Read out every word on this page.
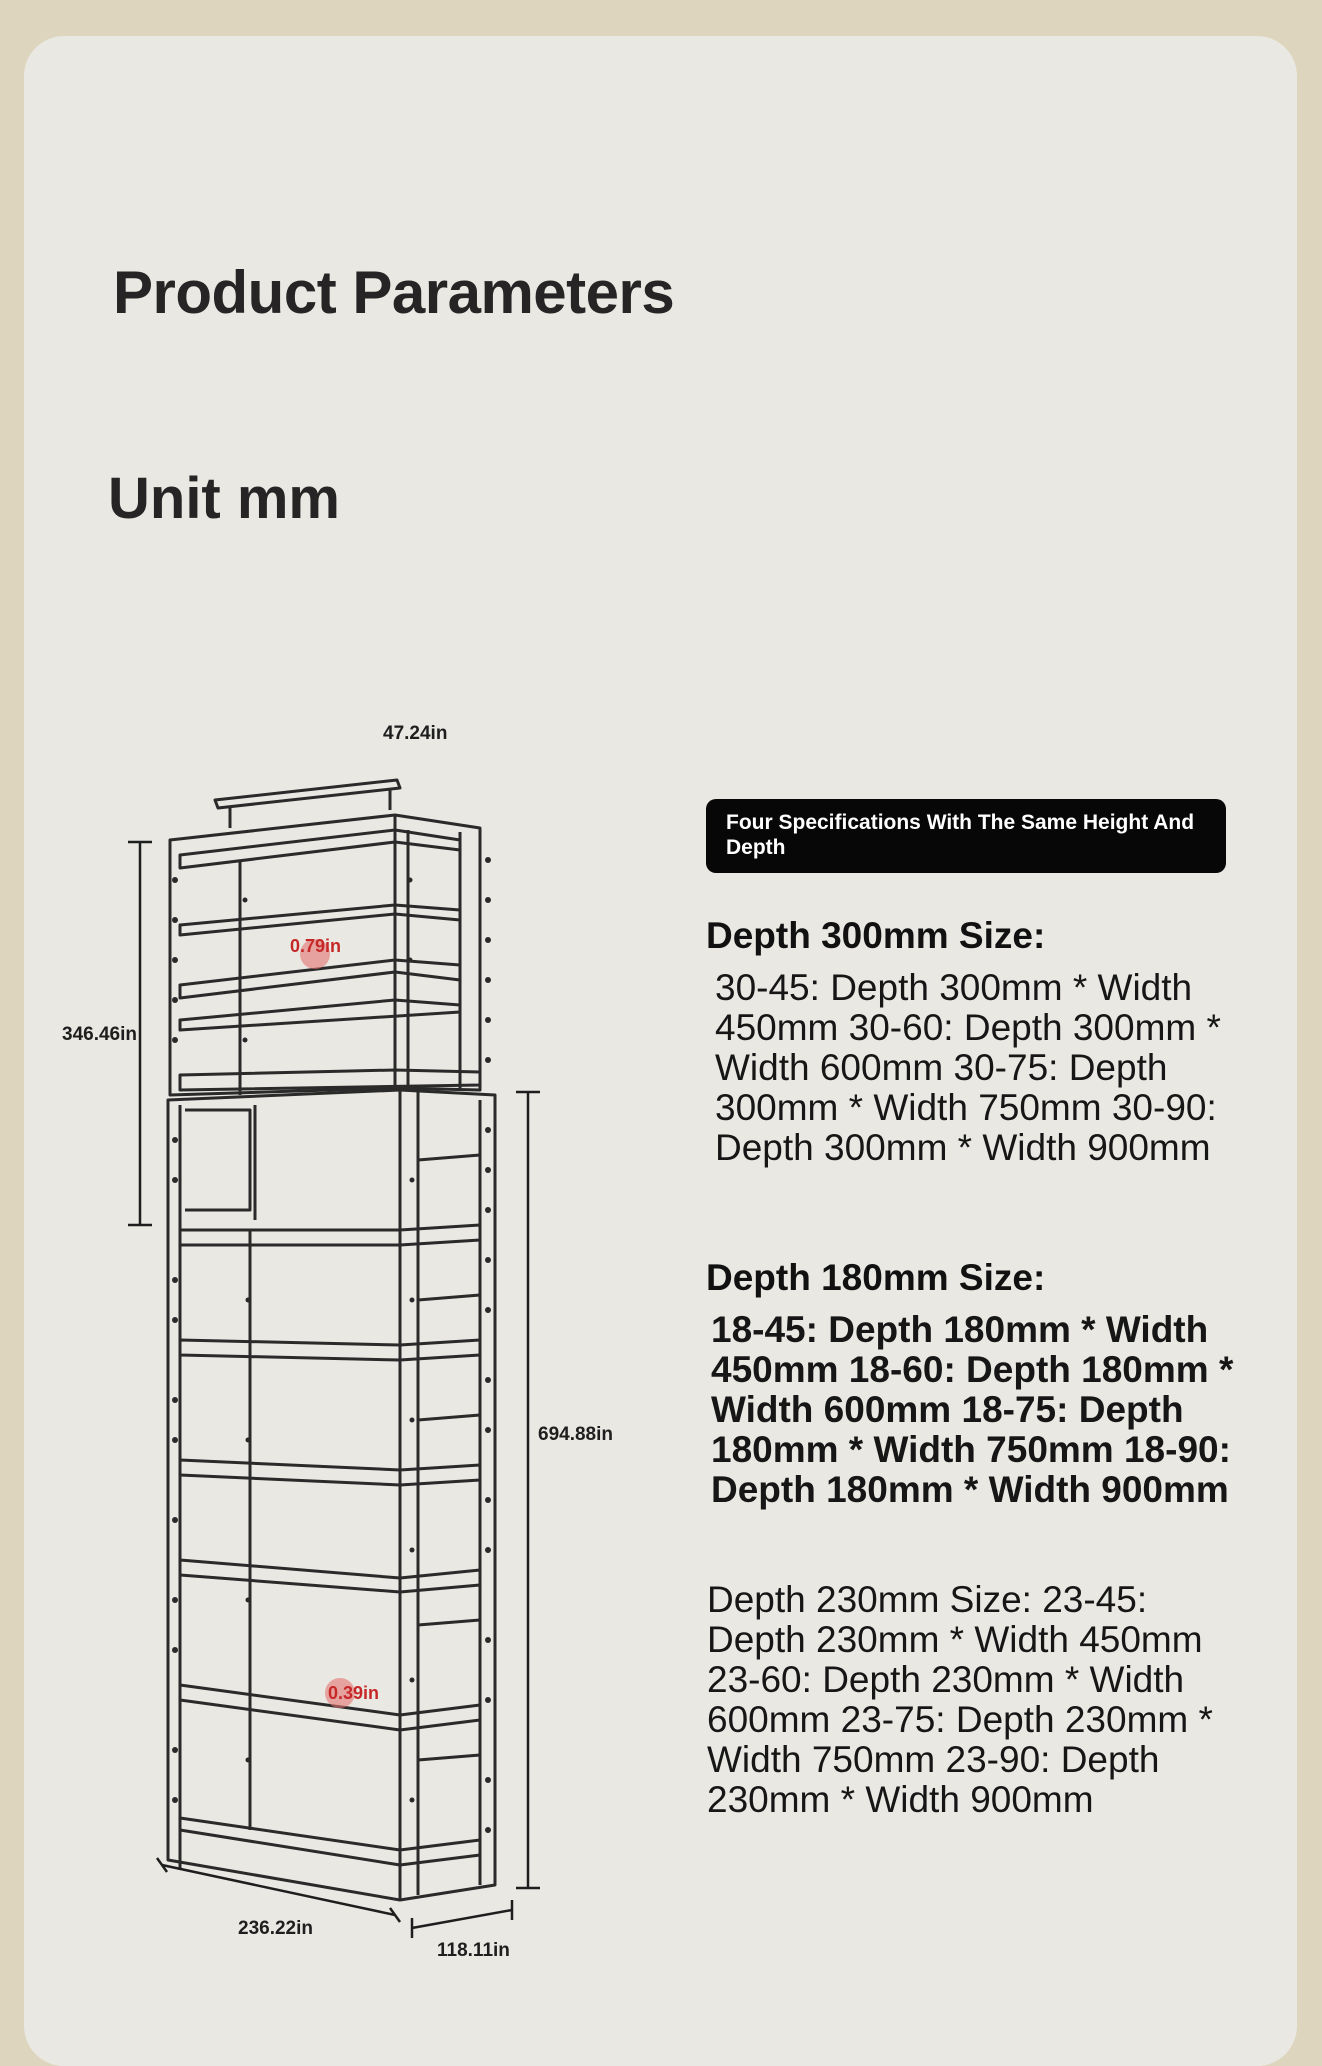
Product Parameters
Unit mm
0.79in
0.39in
47.24in
346.46in
694.88in
236.22in
118.11in
Four Specifications With The Same Height And Depth
Depth 300mm Size:
30-45: Depth 300mm * Width 450mm 30-60: Depth 300mm * Width 600mm 30-75: Depth 300mm * Width 750mm 30-90: Depth 300mm * Width 900mm
Depth 180mm Size:
18-45: Depth 180mm * Width 450mm 18-60: Depth 180mm * Width 600mm 18-75: Depth 180mm * Width 750mm 18-90: Depth 180mm * Width 900mm
Depth 230mm Size: 23-45: Depth 230mm * Width 450mm 23-60: Depth 230mm * Width 600mm 23-75: Depth 230mm * Width 750mm 23-90: Depth 230mm * Width 900mm
